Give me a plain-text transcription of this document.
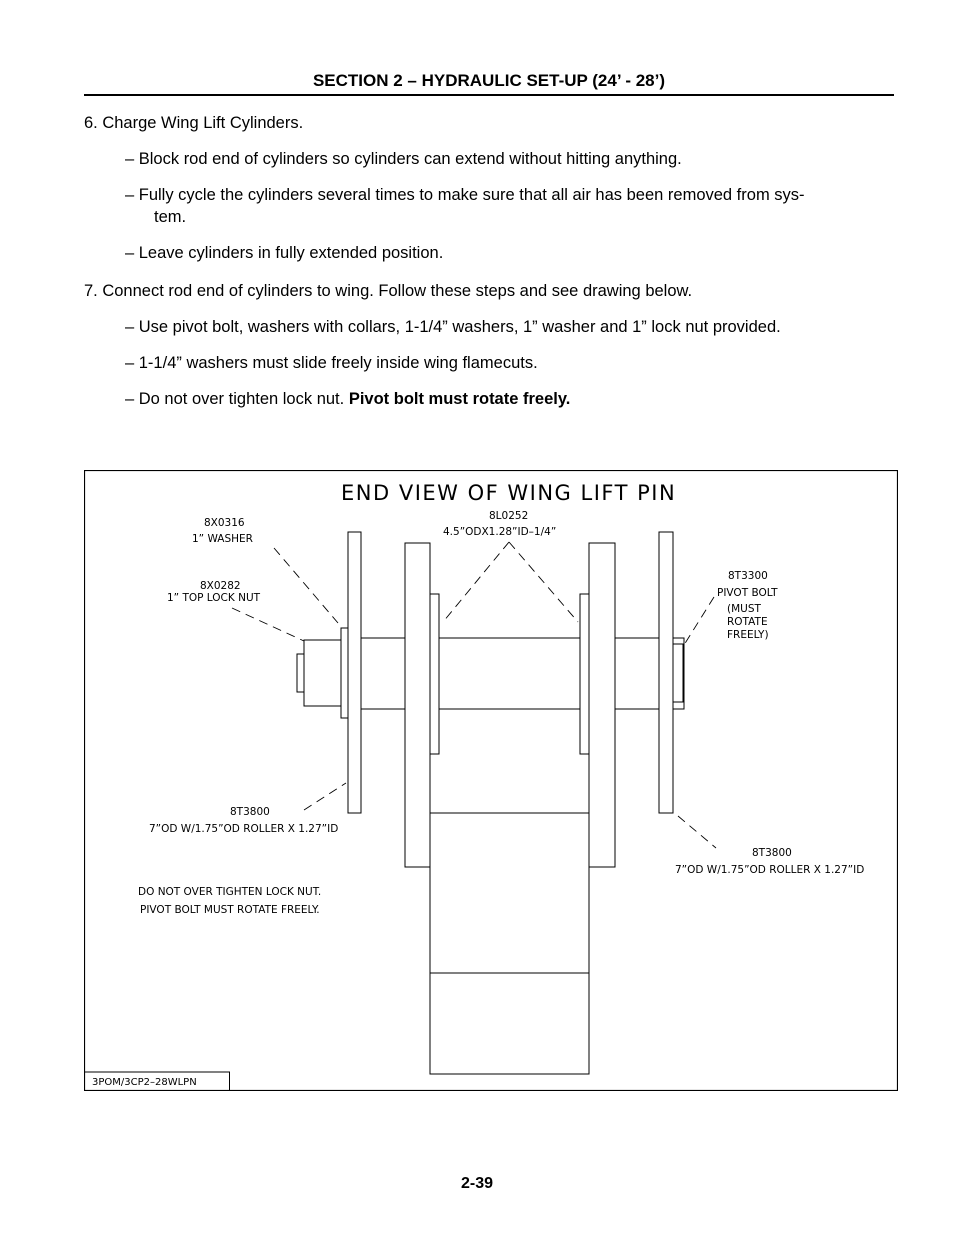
SECTION 2 – HYDRAULIC SET-UP (24’ - 28’)
6. Charge Wing Lift Cylinders.
– Block rod end of cylinders so cylinders can extend without hitting anything.
– Fully cycle the cylinders several times to make sure that all air has been removed from sys-
tem.
– Leave cylinders in fully extended position.
7. Connect rod end of cylinders to wing. Follow these steps and see drawing below.
– Use pivot bolt, washers with collars, 1-1/4” washers, 1” washer and 1” lock nut provided.
– 1-1/4” washers must slide freely inside wing flamecuts.
– Do not over tighten lock nut. Pivot bolt must rotate freely.
END VIEW OF WING LIFT PIN
8X0316
1” WASHER
8X0282
1” TOP LOCK NUT
8L0252
4.5”ODX1.28”ID–1/4”
8T3300
PIVOT BOLT
(MUST
ROTATE
FREELY)
8T3800
7”OD W/1.75”OD ROLLER X 1.27”ID
8T3800
7”OD W/1.75”OD ROLLER X 1.27”ID
DO NOT OVER TIGHTEN LOCK NUT.
PIVOT BOLT MUST ROTATE FREELY.
3POM/3CP2–28WLPN
2-39
